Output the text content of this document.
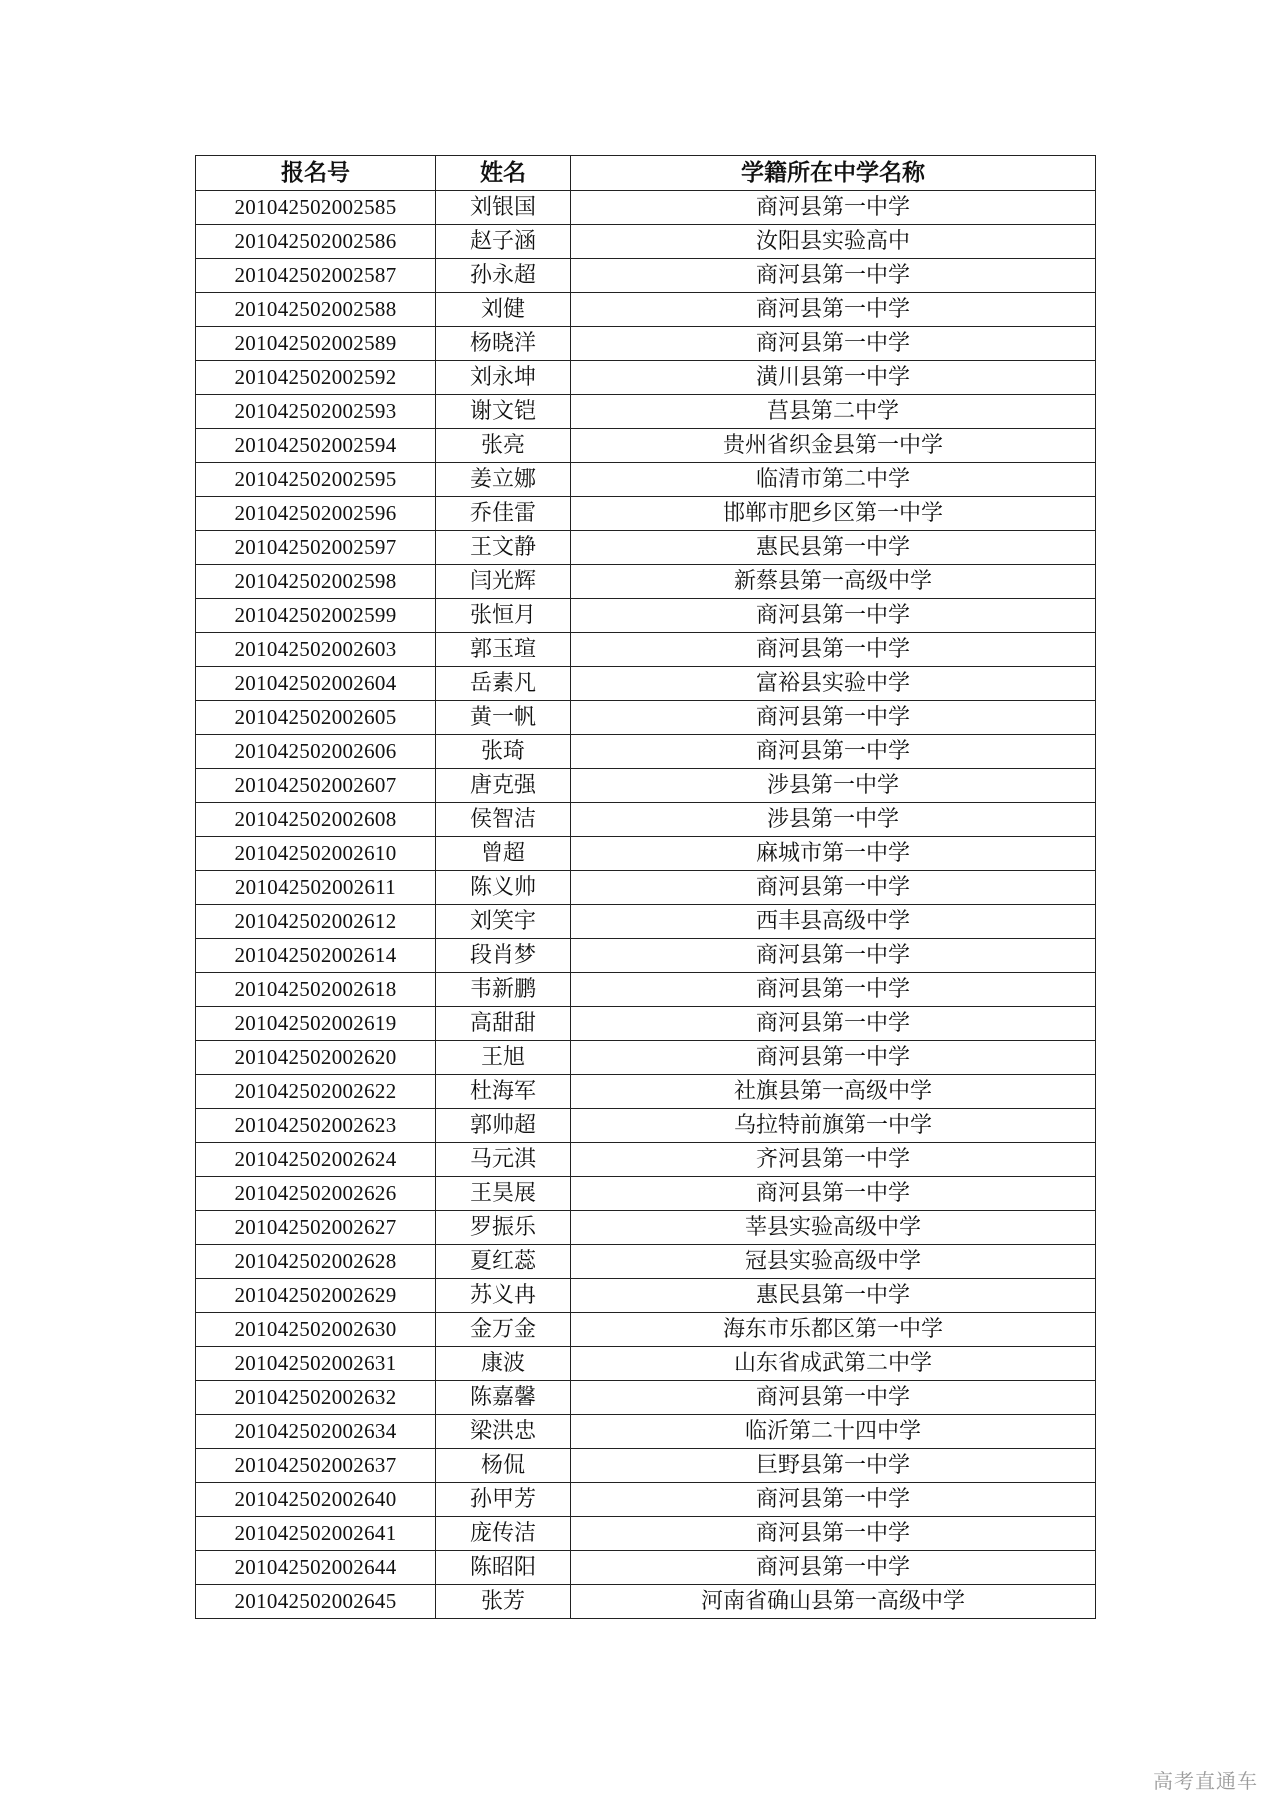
报名号	姓名	学籍所在中学名称
201042502002585	刘银国	商河县第一中学
201042502002586	赵子涵	汝阳县实验高中
201042502002587	孙永超	商河县第一中学
201042502002588	刘健	商河县第一中学
201042502002589	杨晓洋	商河县第一中学
201042502002592	刘永坤	潢川县第一中学
201042502002593	谢文铠	莒县第二中学
201042502002594	张亮	贵州省织金县第一中学
201042502002595	姜立娜	临清市第二中学
201042502002596	乔佳雷	邯郸市肥乡区第一中学
201042502002597	王文静	惠民县第一中学
201042502002598	闫光辉	新蔡县第一高级中学
201042502002599	张恒月	商河县第一中学
201042502002603	郭玉瑄	商河县第一中学
201042502002604	岳素凡	富裕县实验中学
201042502002605	黄一帆	商河县第一中学
201042502002606	张琦	商河县第一中学
201042502002607	唐克强	涉县第一中学
201042502002608	侯智洁	涉县第一中学
201042502002610	曾超	麻城市第一中学
201042502002611	陈义帅	商河县第一中学
201042502002612	刘笑宇	西丰县高级中学
201042502002614	段肖梦	商河县第一中学
201042502002618	韦新鹏	商河县第一中学
201042502002619	高甜甜	商河县第一中学
201042502002620	王旭	商河县第一中学
201042502002622	杜海军	社旗县第一高级中学
201042502002623	郭帅超	乌拉特前旗第一中学
201042502002624	马元淇	齐河县第一中学
201042502002626	王昊展	商河县第一中学
201042502002627	罗振乐	莘县实验高级中学
201042502002628	夏红蕊	冠县实验高级中学
201042502002629	苏义冉	惠民县第一中学
201042502002630	金万金	海东市乐都区第一中学
201042502002631	康波	山东省成武第二中学
201042502002632	陈嘉馨	商河县第一中学
201042502002634	梁洪忠	临沂第二十四中学
201042502002637	杨侃	巨野县第一中学
201042502002640	孙甲芳	商河县第一中学
201042502002641	庞传洁	商河县第一中学
201042502002644	陈昭阳	商河县第一中学
201042502002645	张芳	河南省确山县第一高级中学
高考直通车
